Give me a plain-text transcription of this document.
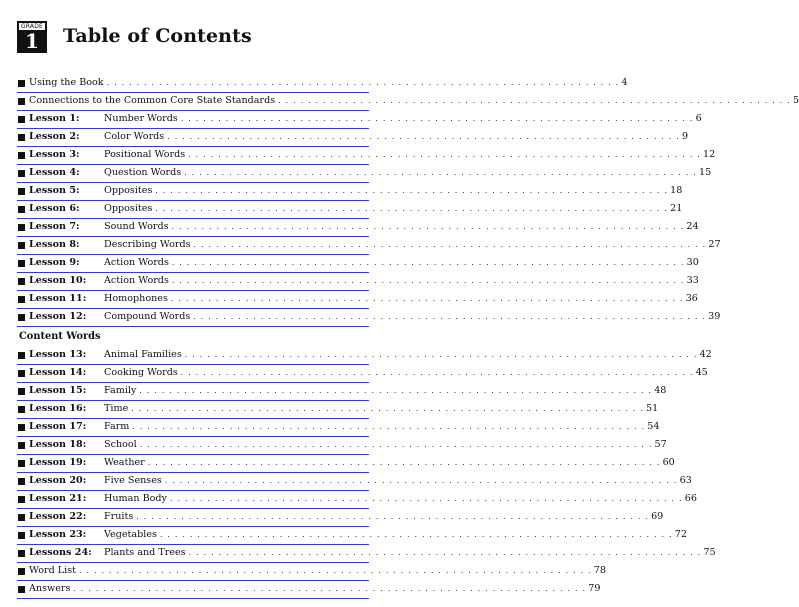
GRADE
1	Table of Contents
Using the Book . . . . . . . . . . . . . . . . . . . . . . . . . . . . . . . . . . . . . . . . . . . . . . . . . . . . . . . . . . . . . . . . . . . . . 4
Connections to the Common Core State Standards . . . . . . . . . . . . . . . . . . . . . . . . . . . . . . . . . . . . . . . . . . . . . . . . . . . . . . . . . . . . . . . . . . . . . 5
Lesson 1:	Number Words . . . . . . . . . . . . . . . . . . . . . . . . . . . . . . . . . . . . . . . . . . . . . . . . . . . . . . . . . . . . . . . . . . . . . 6
Lesson 2:	Color Words . . . . . . . . . . . . . . . . . . . . . . . . . . . . . . . . . . . . . . . . . . . . . . . . . . . . . . . . . . . . . . . . . . . . . 9
Lesson 3:	Positional Words . . . . . . . . . . . . . . . . . . . . . . . . . . . . . . . . . . . . . . . . . . . . . . . . . . . . . . . . . . . . . . . . . . . . . 12
Lesson 4:	Question Words . . . . . . . . . . . . . . . . . . . . . . . . . . . . . . . . . . . . . . . . . . . . . . . . . . . . . . . . . . . . . . . . . . . . . 15
Lesson 5:	Opposites . . . . . . . . . . . . . . . . . . . . . . . . . . . . . . . . . . . . . . . . . . . . . . . . . . . . . . . . . . . . . . . . . . . . . 18
Lesson 6:	Opposites . . . . . . . . . . . . . . . . . . . . . . . . . . . . . . . . . . . . . . . . . . . . . . . . . . . . . . . . . . . . . . . . . . . . . 21
Lesson 7:	Sound Words . . . . . . . . . . . . . . . . . . . . . . . . . . . . . . . . . . . . . . . . . . . . . . . . . . . . . . . . . . . . . . . . . . . . . 24
Lesson 8:	Describing Words . . . . . . . . . . . . . . . . . . . . . . . . . . . . . . . . . . . . . . . . . . . . . . . . . . . . . . . . . . . . . . . . . . . . . 27
Lesson 9:	Action Words . . . . . . . . . . . . . . . . . . . . . . . . . . . . . . . . . . . . . . . . . . . . . . . . . . . . . . . . . . . . . . . . . . . . . 30
Lesson 10: Action Words . . . . . . . . . . . . . . . . . . . . . . . . . . . . . . . . . . . . . . . . . . . . . . . . . . . . . . . . . . . . . . . . . . . . . 33
Lesson 11: Homophones . . . . . . . . . . . . . . . . . . . . . . . . . . . . . . . . . . . . . . . . . . . . . . . . . . . . . . . . . . . . . . . . . . . . . 36
Lesson 12: Compound Words . . . . . . . . . . . . . . . . . . . . . . . . . . . . . . . . . . . . . . . . . . . . . . . . . . . . . . . . . . . . . . . . . . . . . 39
Content Words
Lesson 13: Animal Families . . . . . . . . . . . . . . . . . . . . . . . . . . . . . . . . . . . . . . . . . . . . . . . . . . . . . . . . . . . . . . . . . . . . . 42
Lesson 14: Cooking Words . . . . . . . . . . . . . . . . . . . . . . . . . . . . . . . . . . . . . . . . . . . . . . . . . . . . . . . . . . . . . . . . . . . . . 45
Lesson 15: Family . . . . . . . . . . . . . . . . . . . . . . . . . . . . . . . . . . . . . . . . . . . . . . . . . . . . . . . . . . . . . . . . . . . . . 48
Lesson 16: Time . . . . . . . . . . . . . . . . . . . . . . . . . . . . . . . . . . . . . . . . . . . . . . . . . . . . . . . . . . . . . . . . . . . . . 51
Lesson 17: Farm . . . . . . . . . . . . . . . . . . . . . . . . . . . . . . . . . . . . . . . . . . . . . . . . . . . . . . . . . . . . . . . . . . . . . 54
Lesson 18: School . . . . . . . . . . . . . . . . . . . . . . . . . . . . . . . . . . . . . . . . . . . . . . . . . . . . . . . . . . . . . . . . . . . . . 57
Lesson 19: Weather . . . . . . . . . . . . . . . . . . . . . . . . . . . . . . . . . . . . . . . . . . . . . . . . . . . . . . . . . . . . . . . . . . . . . 60
Lesson 20: Five Senses . . . . . . . . . . . . . . . . . . . . . . . . . . . . . . . . . . . . . . . . . . . . . . . . . . . . . . . . . . . . . . . . . . . . . 63
Lesson 21: Human Body . . . . . . . . . . . . . . . . . . . . . . . . . . . . . . . . . . . . . . . . . . . . . . . . . . . . . . . . . . . . . . . . . . . . . 66
Lesson 22: Fruits . . . . . . . . . . . . . . . . . . . . . . . . . . . . . . . . . . . . . . . . . . . . . . . . . . . . . . . . . . . . . . . . . . . . . 69
Lesson 23: Vegetables . . . . . . . . . . . . . . . . . . . . . . . . . . . . . . . . . . . . . . . . . . . . . . . . . . . . . . . . . . . . . . . . . . . . . 72
Lessons 24: Plants and Trees . . . . . . . . . . . . . . . . . . . . . . . . . . . . . . . . . . . . . . . . . . . . . . . . . . . . . . . . . . . . . . . . . . . . . 75
Word List . . . . . . . . . . . . . . . . . . . . . . . . . . . . . . . . . . . . . . . . . . . . . . . . . . . . . . . . . . . . . . . . . . . . . 78
Answers . . . . . . . . . . . . . . . . . . . . . . . . . . . . . . . . . . . . . . . . . . . . . . . . . . . . . . . . . . . . . . . . . . . . . 79
